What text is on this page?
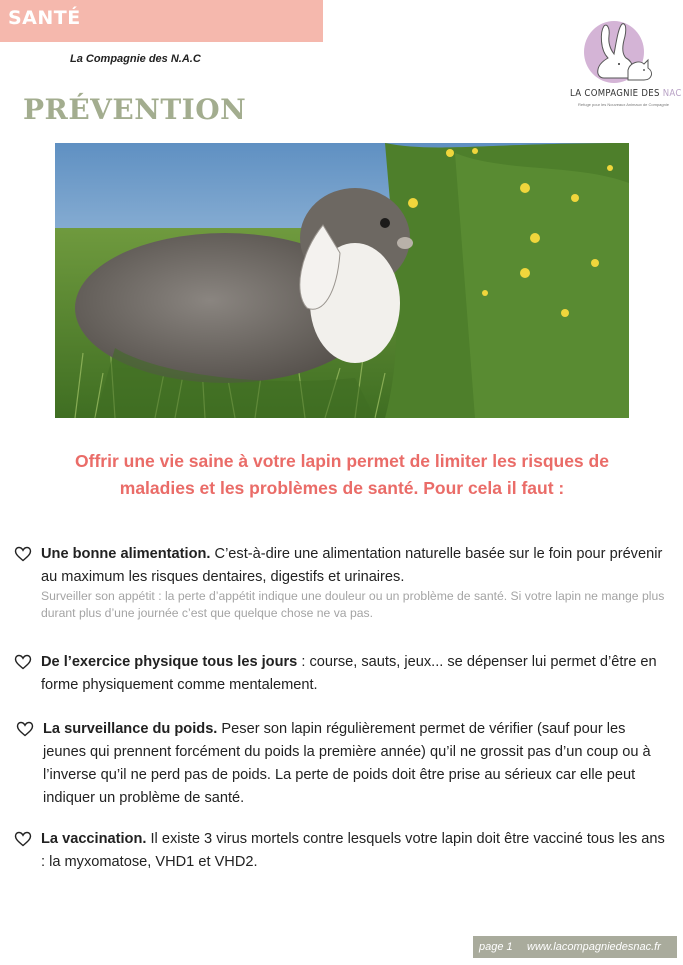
SANTÉ
La Compagnie des N.A.C
LA COMPAGNIE DES NAC
Refuge pour les Nouveaux Animaux de Compagnie
PRÉVENTION
Offrir une vie saine à votre lapin permet de limiter les risques de maladies et les problèmes de santé. Pour cela il faut :
Une bonne alimentation. C’est-à-dire une alimentation naturelle basée sur le foin pour prévenir au maximum les risques dentaires, digestifs et urinaires.
Surveiller son appétit : la perte d’appétit indique une douleur ou un problème de santé. Si votre lapin ne mange plus durant plus d’une journée c’est que quelque chose ne va pas.
De l’exercice physique tous les jours : course, sauts, jeux... se dépenser lui permet d’être en forme physiquement comme mentalement.
La surveillance du poids. Peser son lapin régulièrement permet de vérifier (sauf pour les jeunes qui prennent forcément du poids la première année) qu’il ne grossit pas d’un coup ou à l’inverse qu’il ne perd pas de poids. La perte de poids doit être prise au sérieux car elle peut indiquer un problème de santé.
La vaccination. Il existe 3 virus mortels contre lesquels votre lapin doit être vacciné tous les ans : la myxomatose, VHD1 et VHD2.
page 1 www.lacompagniedesnac.fr
